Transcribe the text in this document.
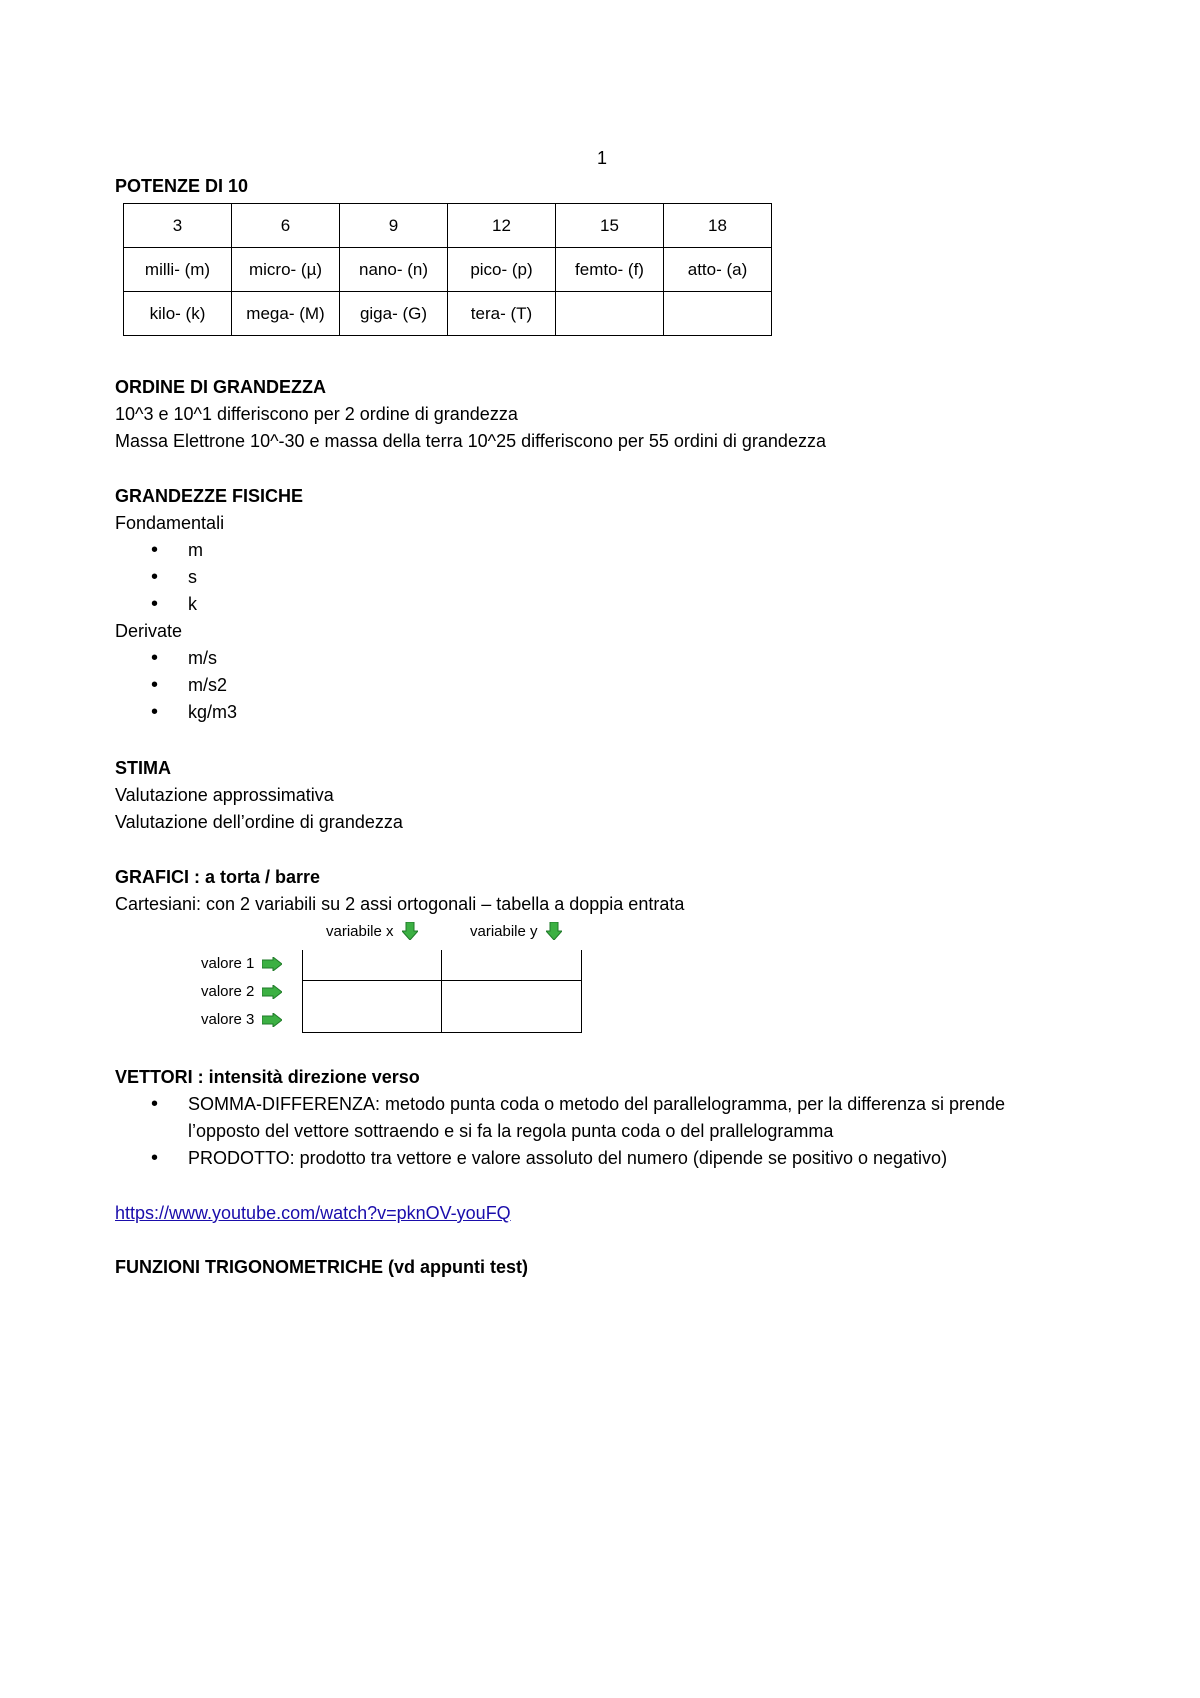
1
POTENZE DI 10
3	6	9	12	15	18
milli- (m)	micro- (µ)	nano- (n)	pico- (p)	femto- (f)	atto- (a)
kilo- (k)	mega- (M)	giga- (G)	tera- (T)		
ORDINE DI GRANDEZZA
10^3 e 10^1 differiscono per 2 ordine di grandezza
Massa Elettrone 10^-30 e massa della terra 10^25 differiscono per 55 ordini di grandezza
GRANDEZZE FISICHE
Fondamentali
• m
• s
• k
Derivate
• m/s
• m/s2
• kg/m3
STIMA
Valutazione approssimativa
Valutazione dell’ordine di grandezza
GRAFICI : a torta / barre
Cartesiani: con 2 variabili su 2 assi ortogonali – tabella a doppia entrata
variabile x	variabile y
valore 1
valore 2
valore 3
VETTORI : intensità direzione verso
• SOMMA-DIFFERENZA: metodo punta coda o metodo del parallelogramma, per la differenza si prende l’opposto del vettore sottraendo e si fa la regola punta coda o del prallelogramma
• PRODOTTO: prodotto tra vettore e valore assoluto del numero (dipende se positivo o negativo)
https://www.youtube.com/watch?v=pknOV-youFQ
FUNZIONI TRIGONOMETRICHE (vd appunti test)
